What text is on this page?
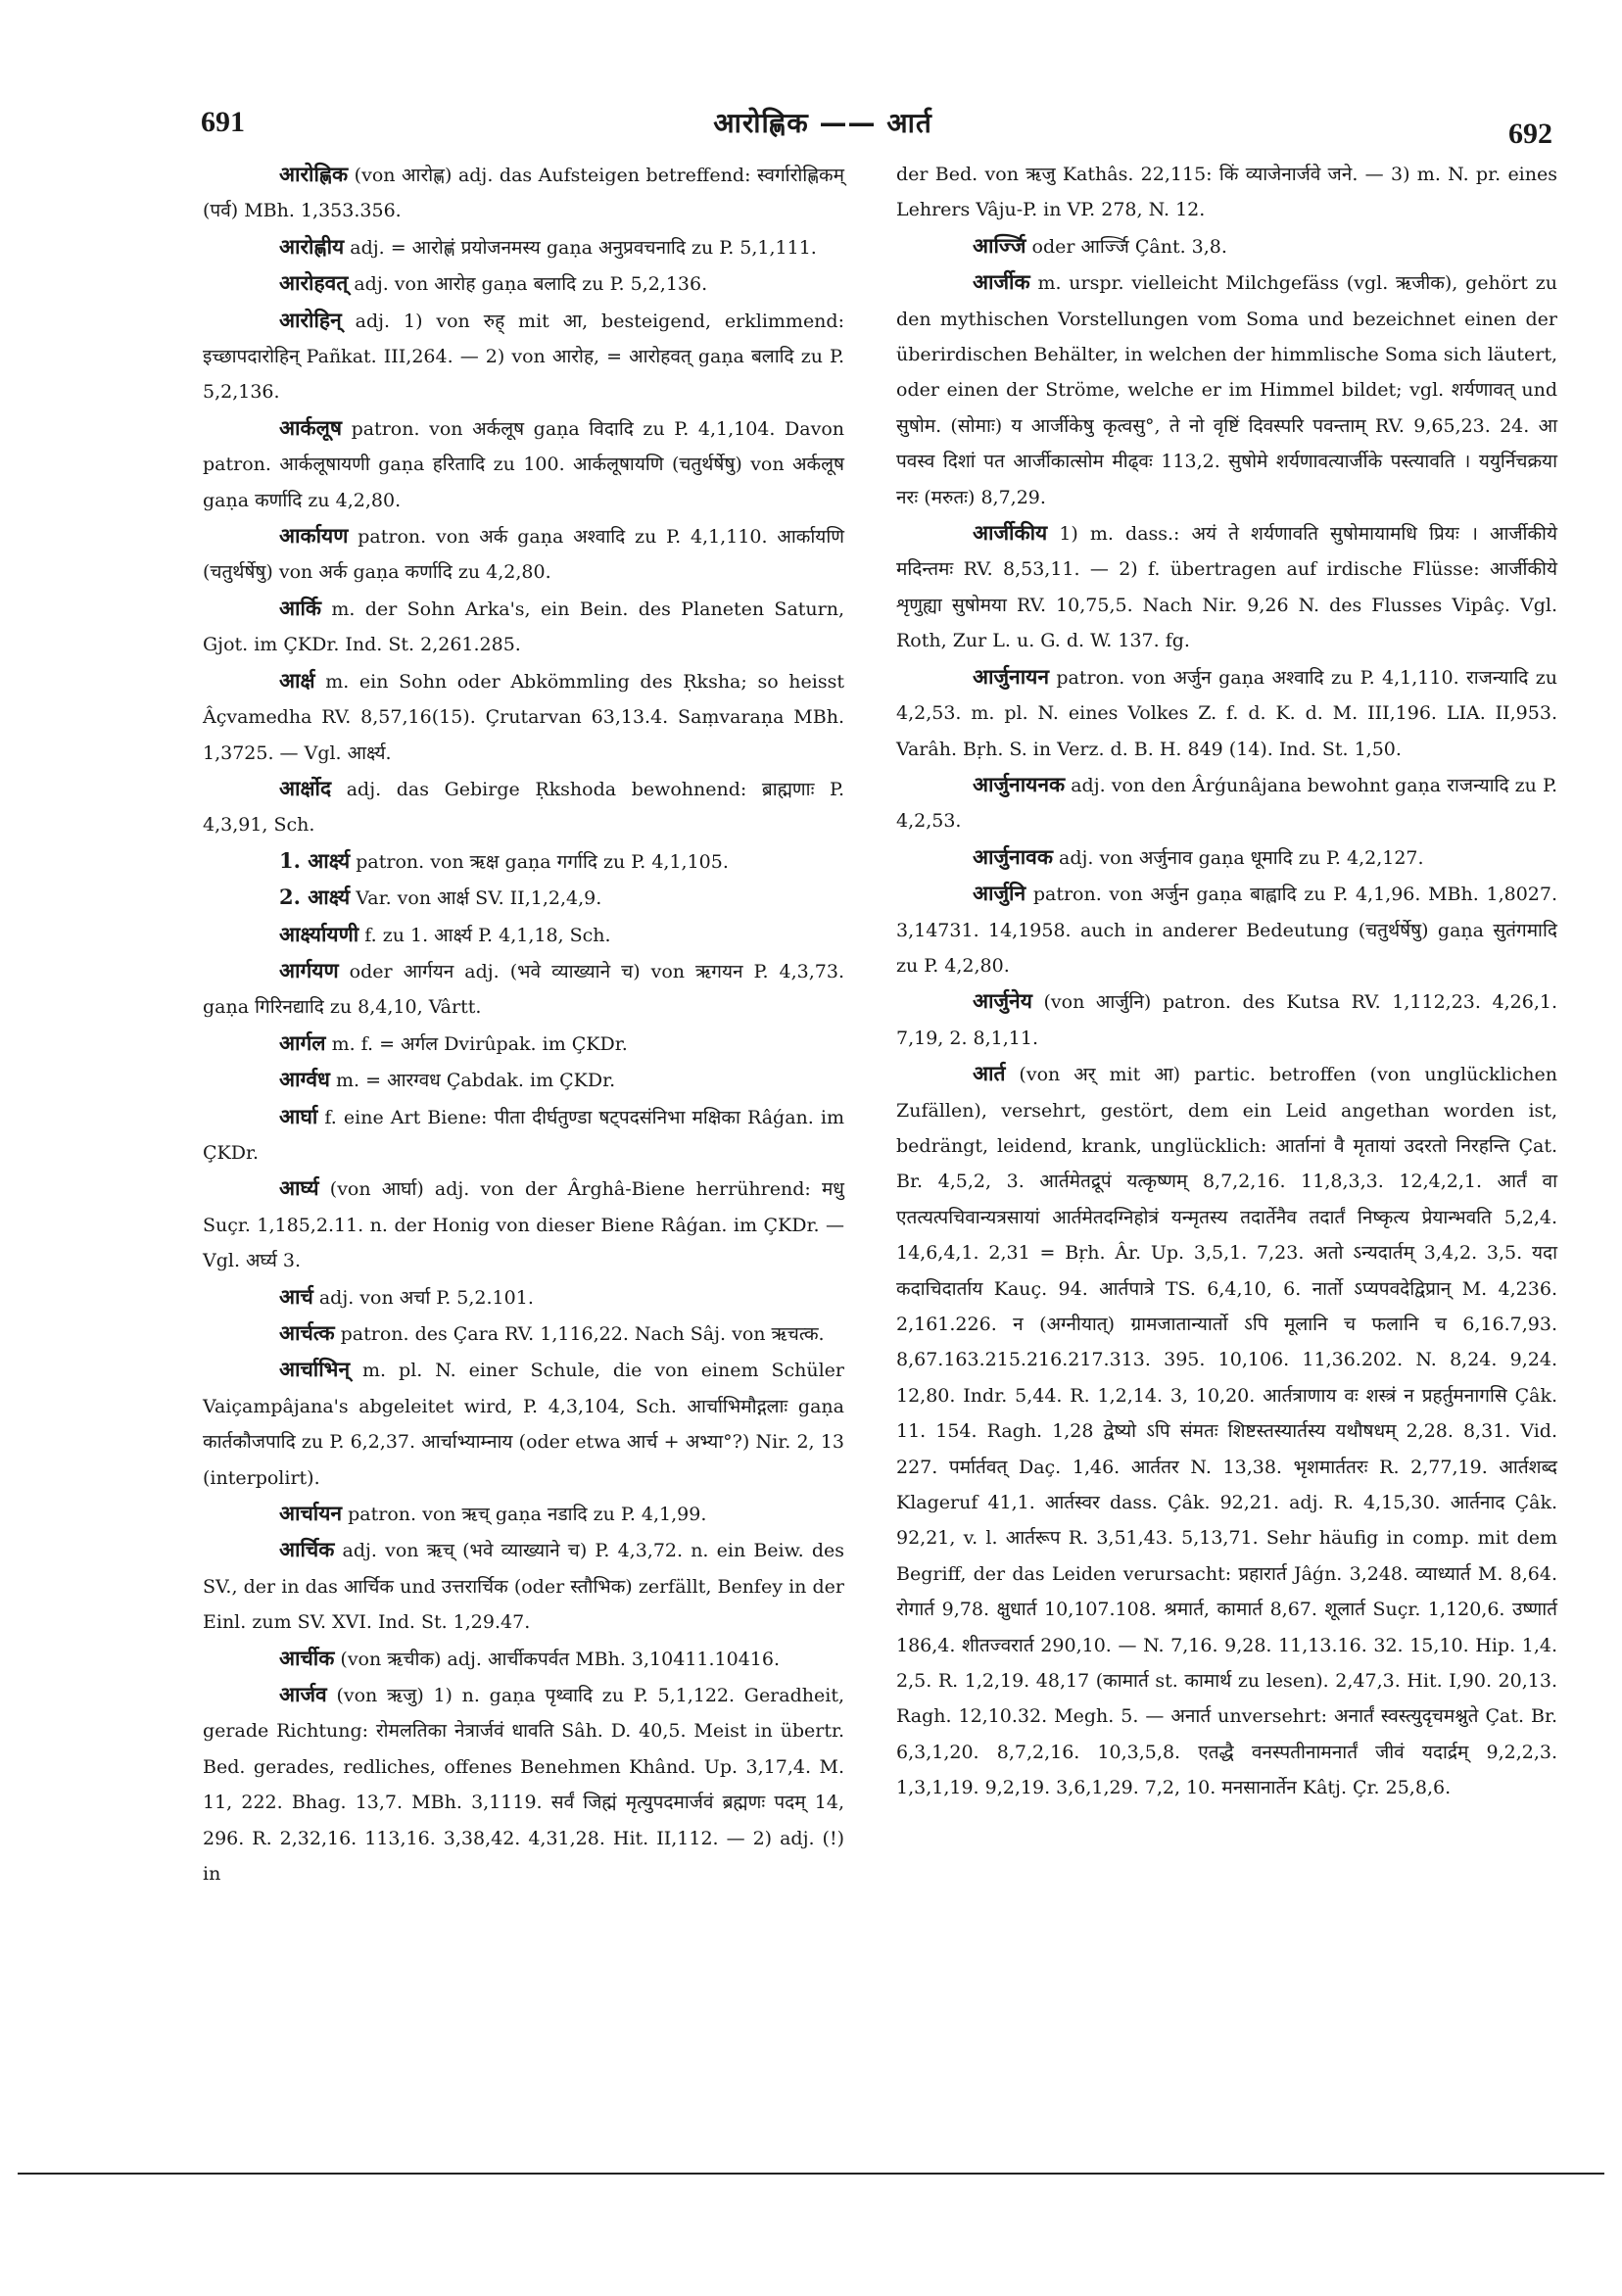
691	आरोह्णिक —— आर्त	692

आरोह्णिक (von आरोह्ण) adj. das Aufsteigen betreffend: स्वर्गारोह्णिकम् (पर्व) MBh. 1,353.356.

आरोह्णीय adj. = आरोह्णं प्रयोजनमस्य gaṇa अनुप्रवचनादि zu P. 5,1,111.

आरोहवत् adj. von आरोह gaṇa बलादि zu P. 5,2,136.

आरोहिन् adj. 1) von रुह् mit आ, besteigend, erklimmend: इच्छापदारोहिन् Pañkat. III,264. — 2) von आरोह, = आरोहवत् gaṇa बलादि zu P. 5,2,136.

आर्कलूष patron. von अर्कलूष gaṇa विदादि zu P. 4,1,104. Davon patron. आर्कलूषायणी gaṇa हरितादि zu 100. आर्कलूषायणि (चतुर्थर्षेषु) von अर्कलूष gaṇa कर्णादि zu 4,2,80.

आर्कायण patron. von अर्क gaṇa अश्वादि zu P. 4,1,110. आर्कायणि (चतुर्थर्षेषु) von अर्क gaṇa कर्णादि zu 4,2,80.

आर्कि m. der Sohn Arka's, ein Bein. des Planeten Saturn, Gjot. im ÇKDr. Ind. St. 2,261.285.

आर्क्ष m. ein Sohn oder Abkömmling des Ṛksha; so heisst Âçvamedha RV. 8,57,16(15). Çrutarvan 63,13.4. Saṃvaraṇa MBh. 1,3725. — Vgl. आर्क्ष्य.

आर्क्षोद adj. das Gebirge Ṛkshoda bewohnend: ब्राह्मणाः P. 4,3,91, Sch.

1. आर्क्ष्य patron. von ऋक्ष gaṇa गर्गादि zu P. 4,1,105.

2. आर्क्ष्य Var. von आर्क्ष SV. II,1,2,4,9.

आर्क्ष्यायणी f. zu 1. आर्क्ष्य P. 4,1,18, Sch.

आर्गयण oder आर्गयन adj. (भवे व्याख्याने च) von ऋगयन P. 4,3,73. gaṇa गिरिनद्यादि zu 8,4,10, Vârtt.

आर्गल m. f. = अर्गल Dvirûpak. im ÇKDr.

आर्ग्वध m. = आरग्वध Çabdak. im ÇKDr.

आर्घा f. eine Art Biene: पीता दीर्घतुण्डा षट्पदसंनिभा मक्षिका Râǵan. im ÇKDr.

आर्घ्य (von आर्घा) adj. von der Ârghâ-Biene herrührend: मधु Suçr. 1,185,2.11. n. der Honig von dieser Biene Râǵan. im ÇKDr. — Vgl. अर्घ्य 3.

आर्च adj. von अर्चा P. 5,2.101.

आर्चत्क patron. des Çara RV. 1,116,22. Nach Sâj. von ऋचत्क.

आर्चाभिन् m. pl. N. einer Schule, die von einem Schüler Vaiçampâjana's abgeleitet wird, P. 4,3,104, Sch. आर्चाभिमौद्गलाः gaṇa कार्तकौजपादि zu P. 6,2,37. आर्चाभ्याम्नाय (oder etwa आर्च + अभ्या°?) Nir. 2, 13 (interpolirt).

आर्चायन patron. von ऋच् gaṇa नडादि zu P. 4,1,99.

आर्चिक adj. von ऋच् (भवे व्याख्याने च) P. 4,3,72. n. ein Beiw. des SV., der in das आर्चिक und उत्तरार्चिक (oder स्तौभिक) zerfällt, Benfey in der Einl. zum SV. XVI. Ind. St. 1,29.47.

आर्चीक (von ऋचीक) adj. आर्चीकपर्वत MBh. 3,10411.10416.

आर्जव (von ऋजु) 1) n. gaṇa पृथ्वादि zu P. 5,1,122. Geradheit, gerade Richtung: रोमलतिका नेत्रार्जवं धावति Sâh. D. 40,5. Meist in übertr. Bed. gerades, redliches, offenes Benehmen Khând. Up. 3,17,4. M. 11, 222. Bhag. 13,7. MBh. 3,1119. सर्वं जिह्मं मृत्युपदमार्जवं ब्रह्मणः पदम् 14, 296. R. 2,32,16. 113,16. 3,38,42. 4,31,28. Hit. II,112. — 2) adj. (!) in

der Bed. von ऋजु Kathâs. 22,115: किं व्याजेनार्जवे जने. — 3) m. N. pr. eines Lehrers Vâju-P. in VP. 278, N. 12.

आर्ज्जि oder आर्ज्जि Çânt. 3,8.

आर्जीक m. urspr. vielleicht Milchgefäss (vgl. ऋजीक), gehört zu den mythischen Vorstellungen vom Soma und bezeichnet einen der überirdischen Behälter, in welchen der himmlische Soma sich läutert, oder einen der Ströme, welche er im Himmel bildet; vgl. शर्यणावत् und सुषोम. (सोमाः) य आर्जीकेषु कृत्वसु°, ते नो वृष्टिं दिवस्परि पवन्ताम् RV. 9,65,23. 24. आ पवस्व दिशां पत आर्जीकात्सोम मीढ्वः 113,2. सुषोमे शर्यणावत्यार्जीके पस्त्यावति । ययुर्निचक्रया नरः (मरुतः) 8,7,29.

आर्जीकीय 1) m. dass.: अयं ते शर्यणावति सुषोमायामधि प्रियः । आर्जीकीये मदिन्तमः RV. 8,53,11. — 2) f. übertragen auf irdische Flüsse: आर्जीकीये शृणुह्या सुषोमया RV. 10,75,5. Nach Nir. 9,26 N. des Flusses Vipâç. Vgl. Roth, Zur L. u. G. d. W. 137. fg.

आर्जुनायन patron. von अर्जुन gaṇa अश्वादि zu P. 4,1,110. राजन्यादि zu 4,2,53. m. pl. N. eines Volkes Z. f. d. K. d. M. III,196. LIA. II,953. Varâh. Bṛh. S. in Verz. d. B. H. 849 (14). Ind. St. 1,50.

आर्जुनायनक adj. von den Ârǵunâjana bewohnt gaṇa राजन्यादि zu P. 4,2,53.

आर्जुनावक adj. von अर्जुनाव gaṇa धूमादि zu P. 4,2,127.

आर्जुनि patron. von अर्जुन gaṇa बाह्वादि zu P. 4,1,96. MBh. 1,8027. 3,14731. 14,1958. auch in anderer Bedeutung (चतुर्थर्षेषु) gaṇa सुतंगमादि zu P. 4,2,80.

आर्जुनेय (von आर्जुनि) patron. des Kutsa RV. 1,112,23. 4,26,1. 7,19, 2. 8,1,11.

आर्त (von अर् mit आ) partic. betroffen (von unglücklichen Zufällen), versehrt, gestört, dem ein Leid angethan worden ist, bedrängt, leidend, krank, unglücklich: आर्तानां वै मृतायां उदरतो निरहन्ति Çat. Br. 4,5,2, 3. आर्तमेतद्रूपं यत्कृष्णम् 8,7,2,16. 11,8,3,3. 12,4,2,1. आर्तं वा एतत्यत्पचिवान्यत्रसायां आर्तमेतदग्निहोत्रं यन्मृतस्य तदार्तेनैव तदार्तं निष्कृत्य प्रेयान्भवति 5,2,4. 14,6,4,1. 2,31 = Bṛh. Âr. Up. 3,5,1. 7,23. अतो ऽन्यदार्तम् 3,4,2. 3,5. यदा कदाचिदार्ताय Kauç. 94. आर्तपात्रे TS. 6,4,10, 6. नार्तो ऽप्यपवदेद्विप्रान् M. 4,236. 2,161.226. न (अग्नीयात्) ग्रामजातान्यार्तो ऽपि मूलानि च फलानि च 6,16.7,93. 8,67.163.215.216.217.313. 395. 10,106. 11,36.202. N. 8,24. 9,24. 12,80. Indr. 5,44. R. 1,2,14. 3, 10,20. आर्तत्राणाय वः शस्त्रं न प्रहर्तुमनागसि Çâk. 11. 154. Ragh. 1,28 द्वेष्यो ऽपि संमतः शिष्टस्तस्यार्तस्य यथौषधम् 2,28. 8,31. Vid. 227. पर्मार्तवत् Daç. 1,46. आर्ततर N. 13,38. भृशमार्ततरः R. 2,77,19. आर्तशब्द Klageruf 41,1. आर्तस्वर dass. Çâk. 92,21. adj. R. 4,15,30. आर्तनाद Çâk. 92,21, v. l. आर्तरूप R. 3,51,43. 5,13,71. Sehr häufig in comp. mit dem Begriff, der das Leiden verursacht: प्रहारार्त Jâǵn. 3,248. व्याध्यार्त M. 8,64. रोगार्त 9,78. क्षुधार्त 10,107.108. श्रमार्त, कामार्त 8,67. शूलार्त Suçr. 1,120,6. उष्णार्त 186,4. शीतज्वरार्त 290,10. — N. 7,16. 9,28. 11,13.16. 32. 15,10. Hip. 1,4. 2,5. R. 1,2,19. 48,17 (कामार्त st. कामार्थ zu lesen). 2,47,3. Hit. I,90. 20,13. Ragh. 12,10.32. Megh. 5. — अनार्त unversehrt: अनार्तं स्वस्त्युदृचमश्नुते Çat. Br. 6,3,1,20. 8,7,2,16. 10,3,5,8. एतद्धै वनस्पतीनामनार्तं जीवं यदार्द्रम् 9,2,2,3. 1,3,1,19. 9,2,19. 3,6,1,29. 7,2, 10. मनसानार्तेन Kâtj. Çr. 25,8,6.
